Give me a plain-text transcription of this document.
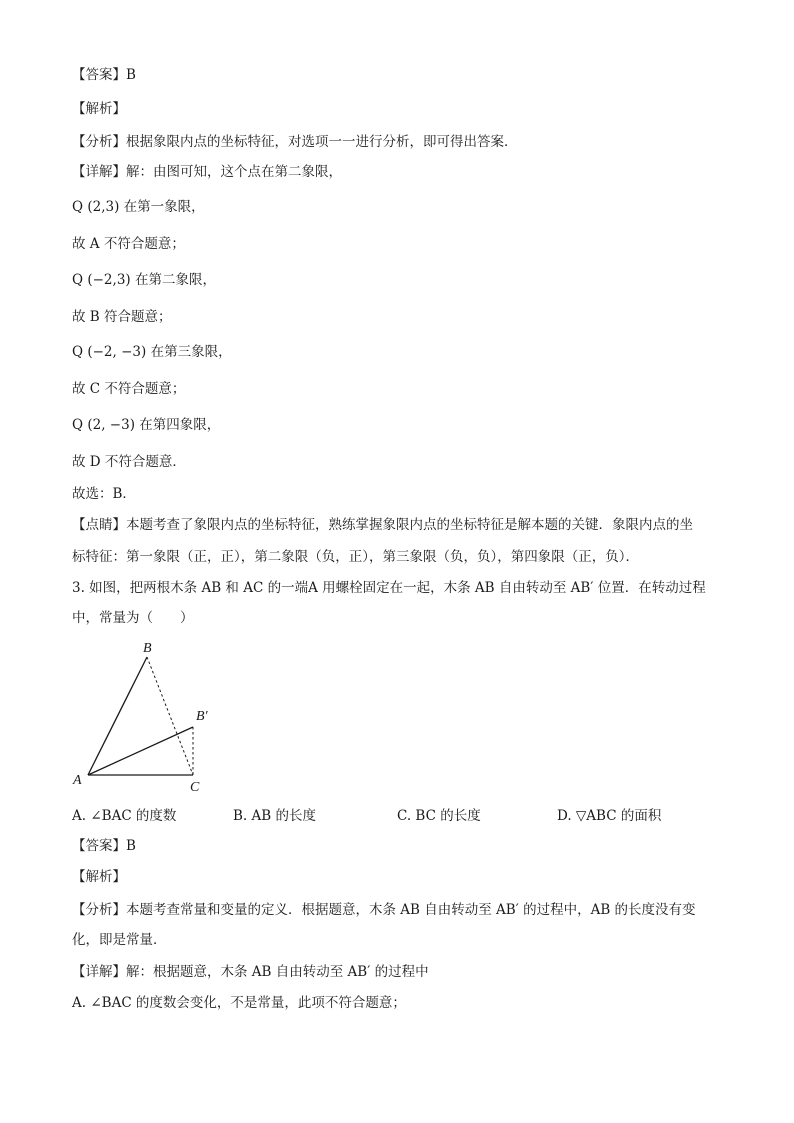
【答案】B
【解析】
【分析】根据象限内点的坐标特征，对选项一一进行分析，即可得出答案．
【详解】解：由图可知，这个点在第二象限，
Q (2,3) 在第一象限，
故 A 不符合题意；
Q (−2,3) 在第二象限，
故 B 符合题意；
Q (−2, −3) 在第三象限，
故 C 不符合题意；
Q (2, −3) 在第四象限，
故 D 不符合题意．
故选：B．
【点睛】本题考查了象限内点的坐标特征，熟练掌握象限内点的坐标特征是解本题的关键．象限内点的坐
标特征：第一象限（正，正），第二象限（负，正），第三象限（负，负），第四象限（正，负）．
3. 如图，把两根木条 AB 和 AC 的一端A 用螺栓固定在一起，木条 AB 自由转动至 AB′ 位置．在转动过程
中，常量为（　　）
B
B′
A	C
A. ∠BAC 的度数	B. AB 的长度	C. BC 的长度	D. ▽ABC 的面积
【答案】B
【解析】
【分析】本题考查常量和变量的定义．根据题意，木条 AB 自由转动至 AB′ 的过程中，AB 的长度没有变
化，即是常量．
【详解】解：根据题意，木条 AB 自由转动至 AB′ 的过程中
A. ∠BAC 的度数会变化，不是常量，此项不符合题意；
